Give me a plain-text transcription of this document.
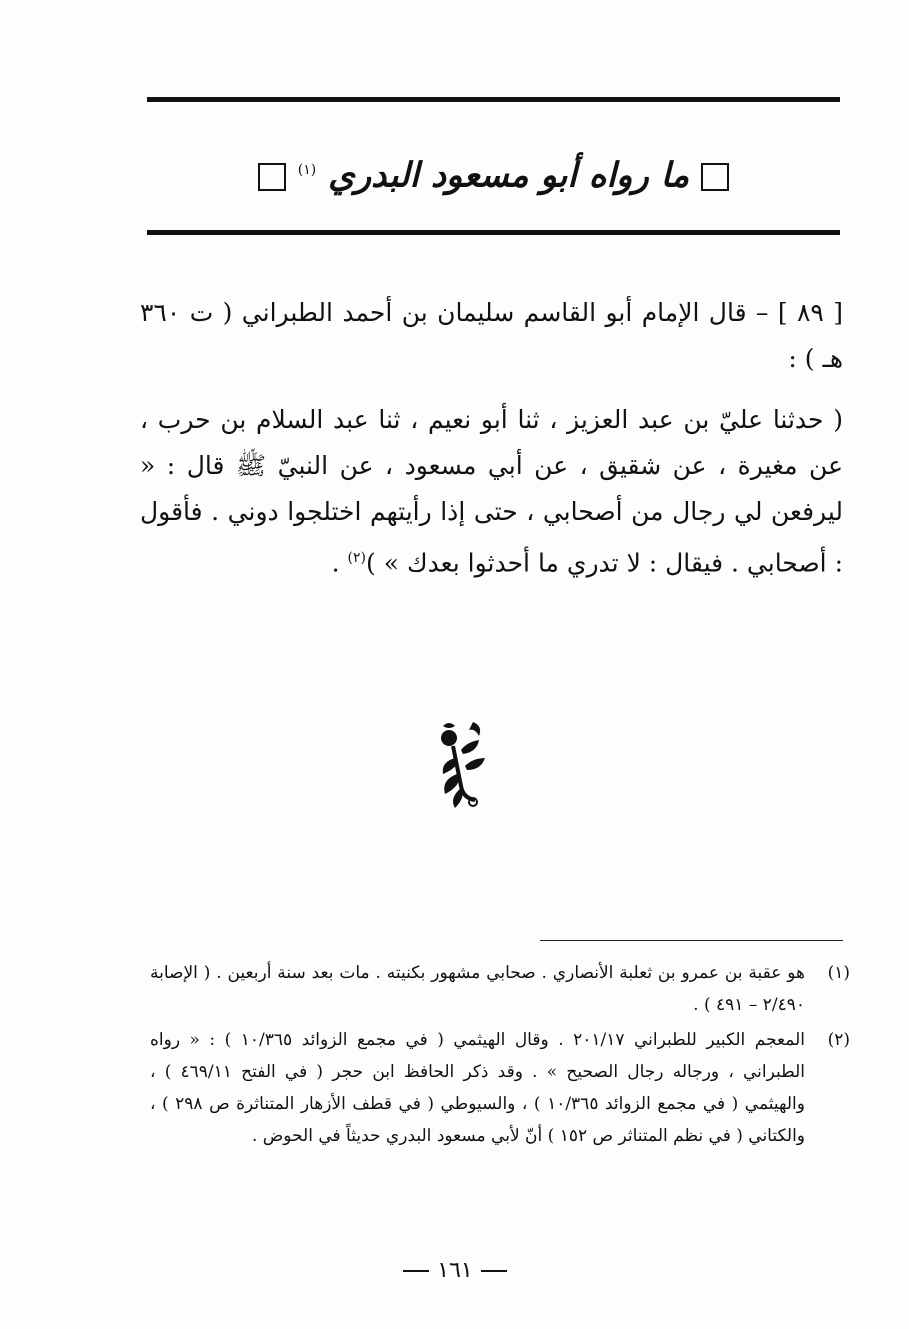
ما رواه أبو مسعود البدري $^{(١)}$
[ ٨٩ ] – قال الإمام أبو القاسم سليمان بن أحمد الطبراني ( ت ٣٦٠ هـ ) :
( حدثنا عليّ بن عبد العزيز ، ثنا أبو نعيم ، ثنا عبد السلام بن حرب ، عن مغيرة ، عن شقيق ، عن أبي مسعود ، عن النبيّ ﷺ قال : « ليرفعن لي رجال من أصحابي ، حتى إذا رأيتهم اختلجوا دوني . فأقول : أصحابي . فيقال : لا تدري ما أحدثوا بعدك » )$^{(٢)}$ .
(١)
هو عقبة بن عمرو بن ثعلبة الأنصاري . صحابي مشهور بكنيته . مات بعد سنة أربعين . ( الإصابة ٢/٤٩٠ – ٤٩١ ) .
(٢)
المعجم الكبير للطبراني ٢٠١/١٧ . وقال الهيثمي ( في مجمع الزوائد ١٠/٣٦٥ ) : « رواه الطبراني ، ورجاله رجال الصحيح » . وقد ذكر الحافظ ابن حجر ( في الفتح ٤٦٩/١١ ) ، والهيثمي ( في مجمع الزوائد ١٠/٣٦٥ ) ، والسيوطي ( في قطف الأزهار المتناثرة ص ٢٩٨ ) ، والكتاني ( في نظم المتناثر ص ١٥٢ ) أنّ لأبي مسعود البدري حديثاً في الحوض .
١٦١
